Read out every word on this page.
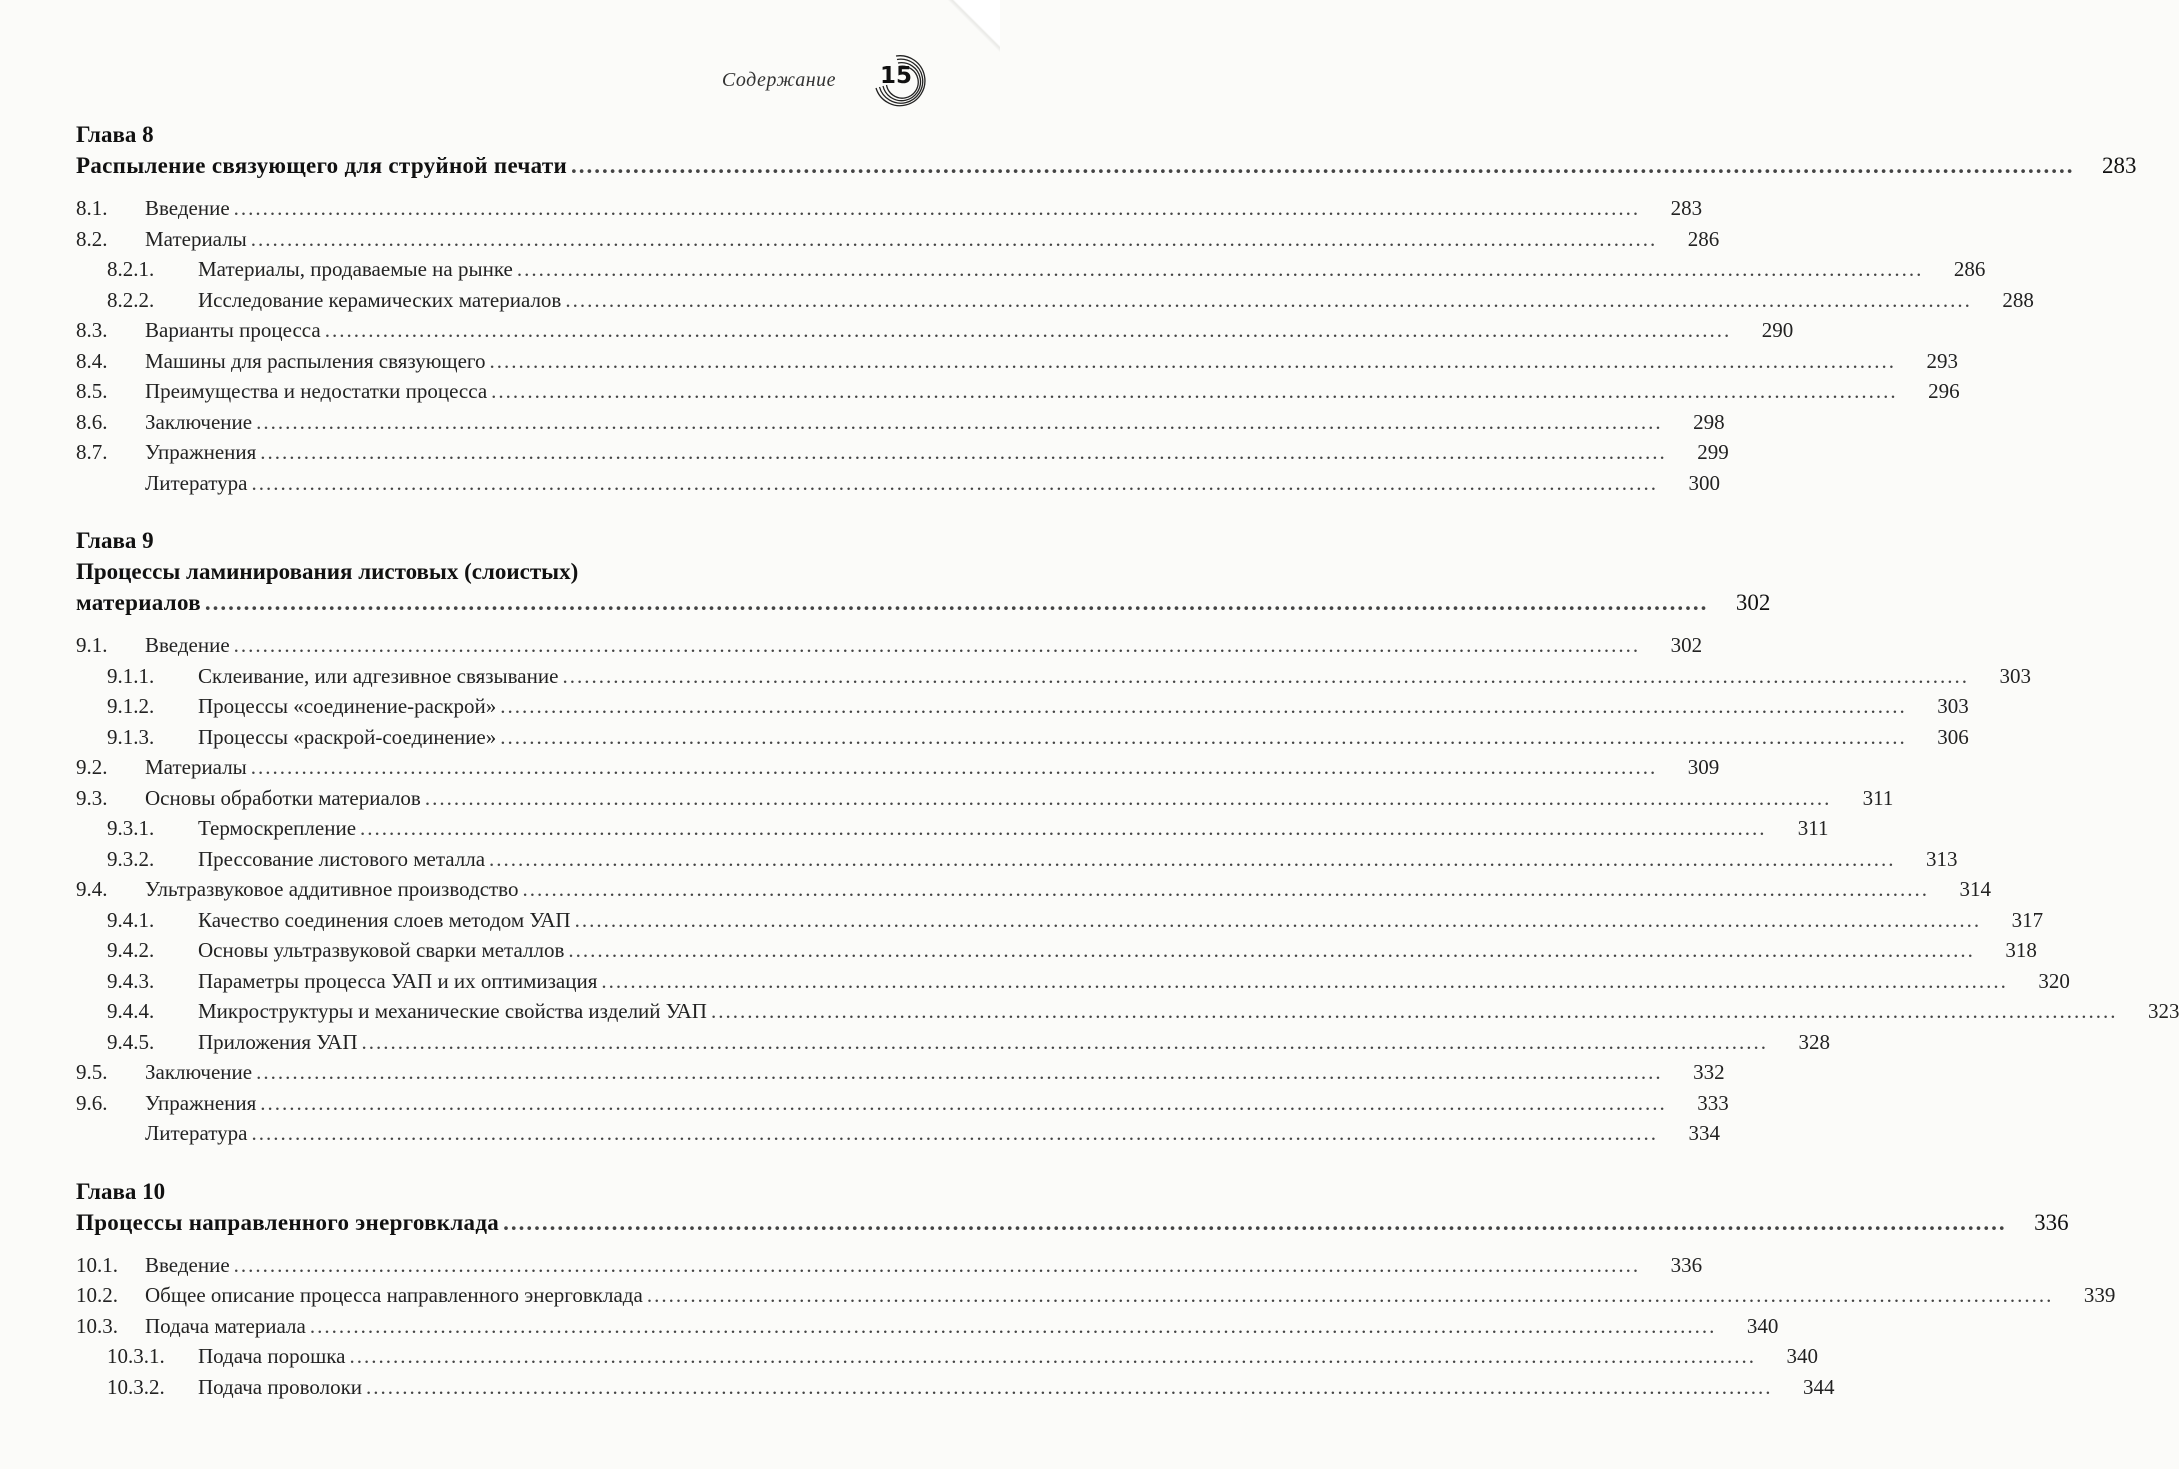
Содержание 15
Глава 8
Распыление связующего для струйной печати ..................................................................................................................................................................................................	283
8.1.	Введение ..................................................................................................................................................................................................	283
8.2.	Материалы ..................................................................................................................................................................................................	286
8.2.1.	Материалы, продаваемые на рынке ..................................................................................................................................................................................................	286
8.2.2.	Исследование керамических материалов ..................................................................................................................................................................................................	288
8.3.	Варианты процесса ..................................................................................................................................................................................................	290
8.4.	Машины для распыления связующего ..................................................................................................................................................................................................	293
8.5.	Преимущества и недостатки процесса ..................................................................................................................................................................................................	296
8.6.	Заключение ..................................................................................................................................................................................................	298
8.7.	Упражнения ..................................................................................................................................................................................................	299
Литература ..................................................................................................................................................................................................	300
Глава 9
Процессы ламинирования листовых (слоистых)
материалов ..................................................................................................................................................................................................	302
9.1.	Введение ..................................................................................................................................................................................................	302
9.1.1.	Склеивание, или адгезивное связывание ..................................................................................................................................................................................................	303
9.1.2.	Процессы «соединение-раскрой» ..................................................................................................................................................................................................	303
9.1.3.	Процессы «раскрой-соединение» ..................................................................................................................................................................................................	306
9.2.	Материалы ..................................................................................................................................................................................................	309
9.3.	Основы обработки материалов ..................................................................................................................................................................................................	311
9.3.1.	Термоскрепление ..................................................................................................................................................................................................	311
9.3.2.	Прессование листового металла ..................................................................................................................................................................................................	313
9.4.	Ультразвуковое аддитивное производство ..................................................................................................................................................................................................	314
9.4.1.	Качество соединения слоев методом УАП ..................................................................................................................................................................................................	317
9.4.2.	Основы ультразвуковой сварки металлов ..................................................................................................................................................................................................	318
9.4.3.	Параметры процесса УАП и их оптимизация ..................................................................................................................................................................................................	320
9.4.4.	Микроструктуры и механические свойства изделий УАП ..................................................................................................................................................................................................	323
9.4.5.	Приложения УАП ..................................................................................................................................................................................................	328
9.5.	Заключение ..................................................................................................................................................................................................	332
9.6.	Упражнения ..................................................................................................................................................................................................	333
Литература ..................................................................................................................................................................................................	334
Глава 10
Процессы направленного энерговклада ..................................................................................................................................................................................................	336
10.1.	Введение ..................................................................................................................................................................................................	336
10.2.	Общее описание процесса направленного энерговклада ..................................................................................................................................................................................................	339
10.3.	Подача материала ..................................................................................................................................................................................................	340
10.3.1.	Подача порошка ..................................................................................................................................................................................................	340
10.3.2.	Подача проволоки ..................................................................................................................................................................................................	344
